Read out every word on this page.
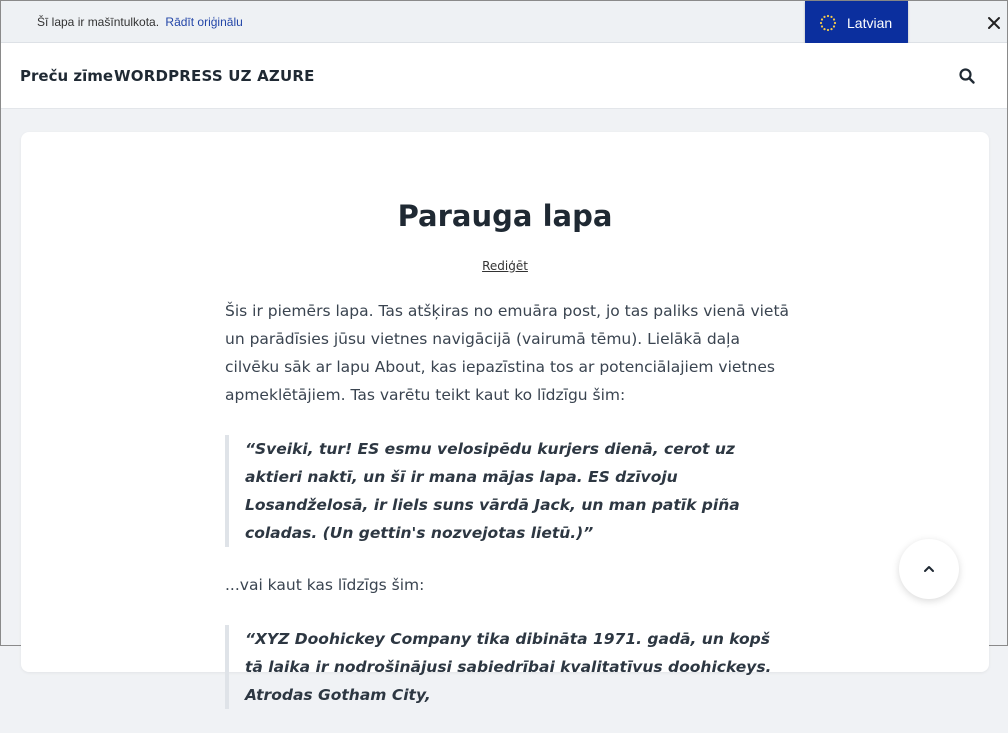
Šī lapa ir mašīntulkota. Rādīt oriģinālu	Latvian
Preču zīme WORDPRESS UZ AZURE
Parauga lapa
Rediģēt

Šis ir piemērs lapa. Tas atšķiras no emuāra post, jo tas paliks vienā vietā un parādīsies jūsu vietnes navigācijā (vairumā tēmu). Lielākā daļa cilvēku sāk ar lapu About, kas iepazīstina tos ar potenciālajiem vietnes apmeklētājiem. Tas varētu teikt kaut ko līdzīgu šim:

“Sveiki, tur! ES esmu velosipēdu kurjers dienā, cerot uz aktieri naktī, un šī ir mana mājas lapa. ES dzīvoju Losandželosā, ir liels suns vārdā Jack, un man patīk piña coladas. (Un gettin's nozvejotas lietū.)”

...vai kaut kas līdzīgs šim:

“XYZ Doohickey Company tika dibināta 1971. gadā, un kopš tā laika ir nodrošinājusi sabiedrībai kvalitatīvus doohickeys. Atrodas Gotham City,
